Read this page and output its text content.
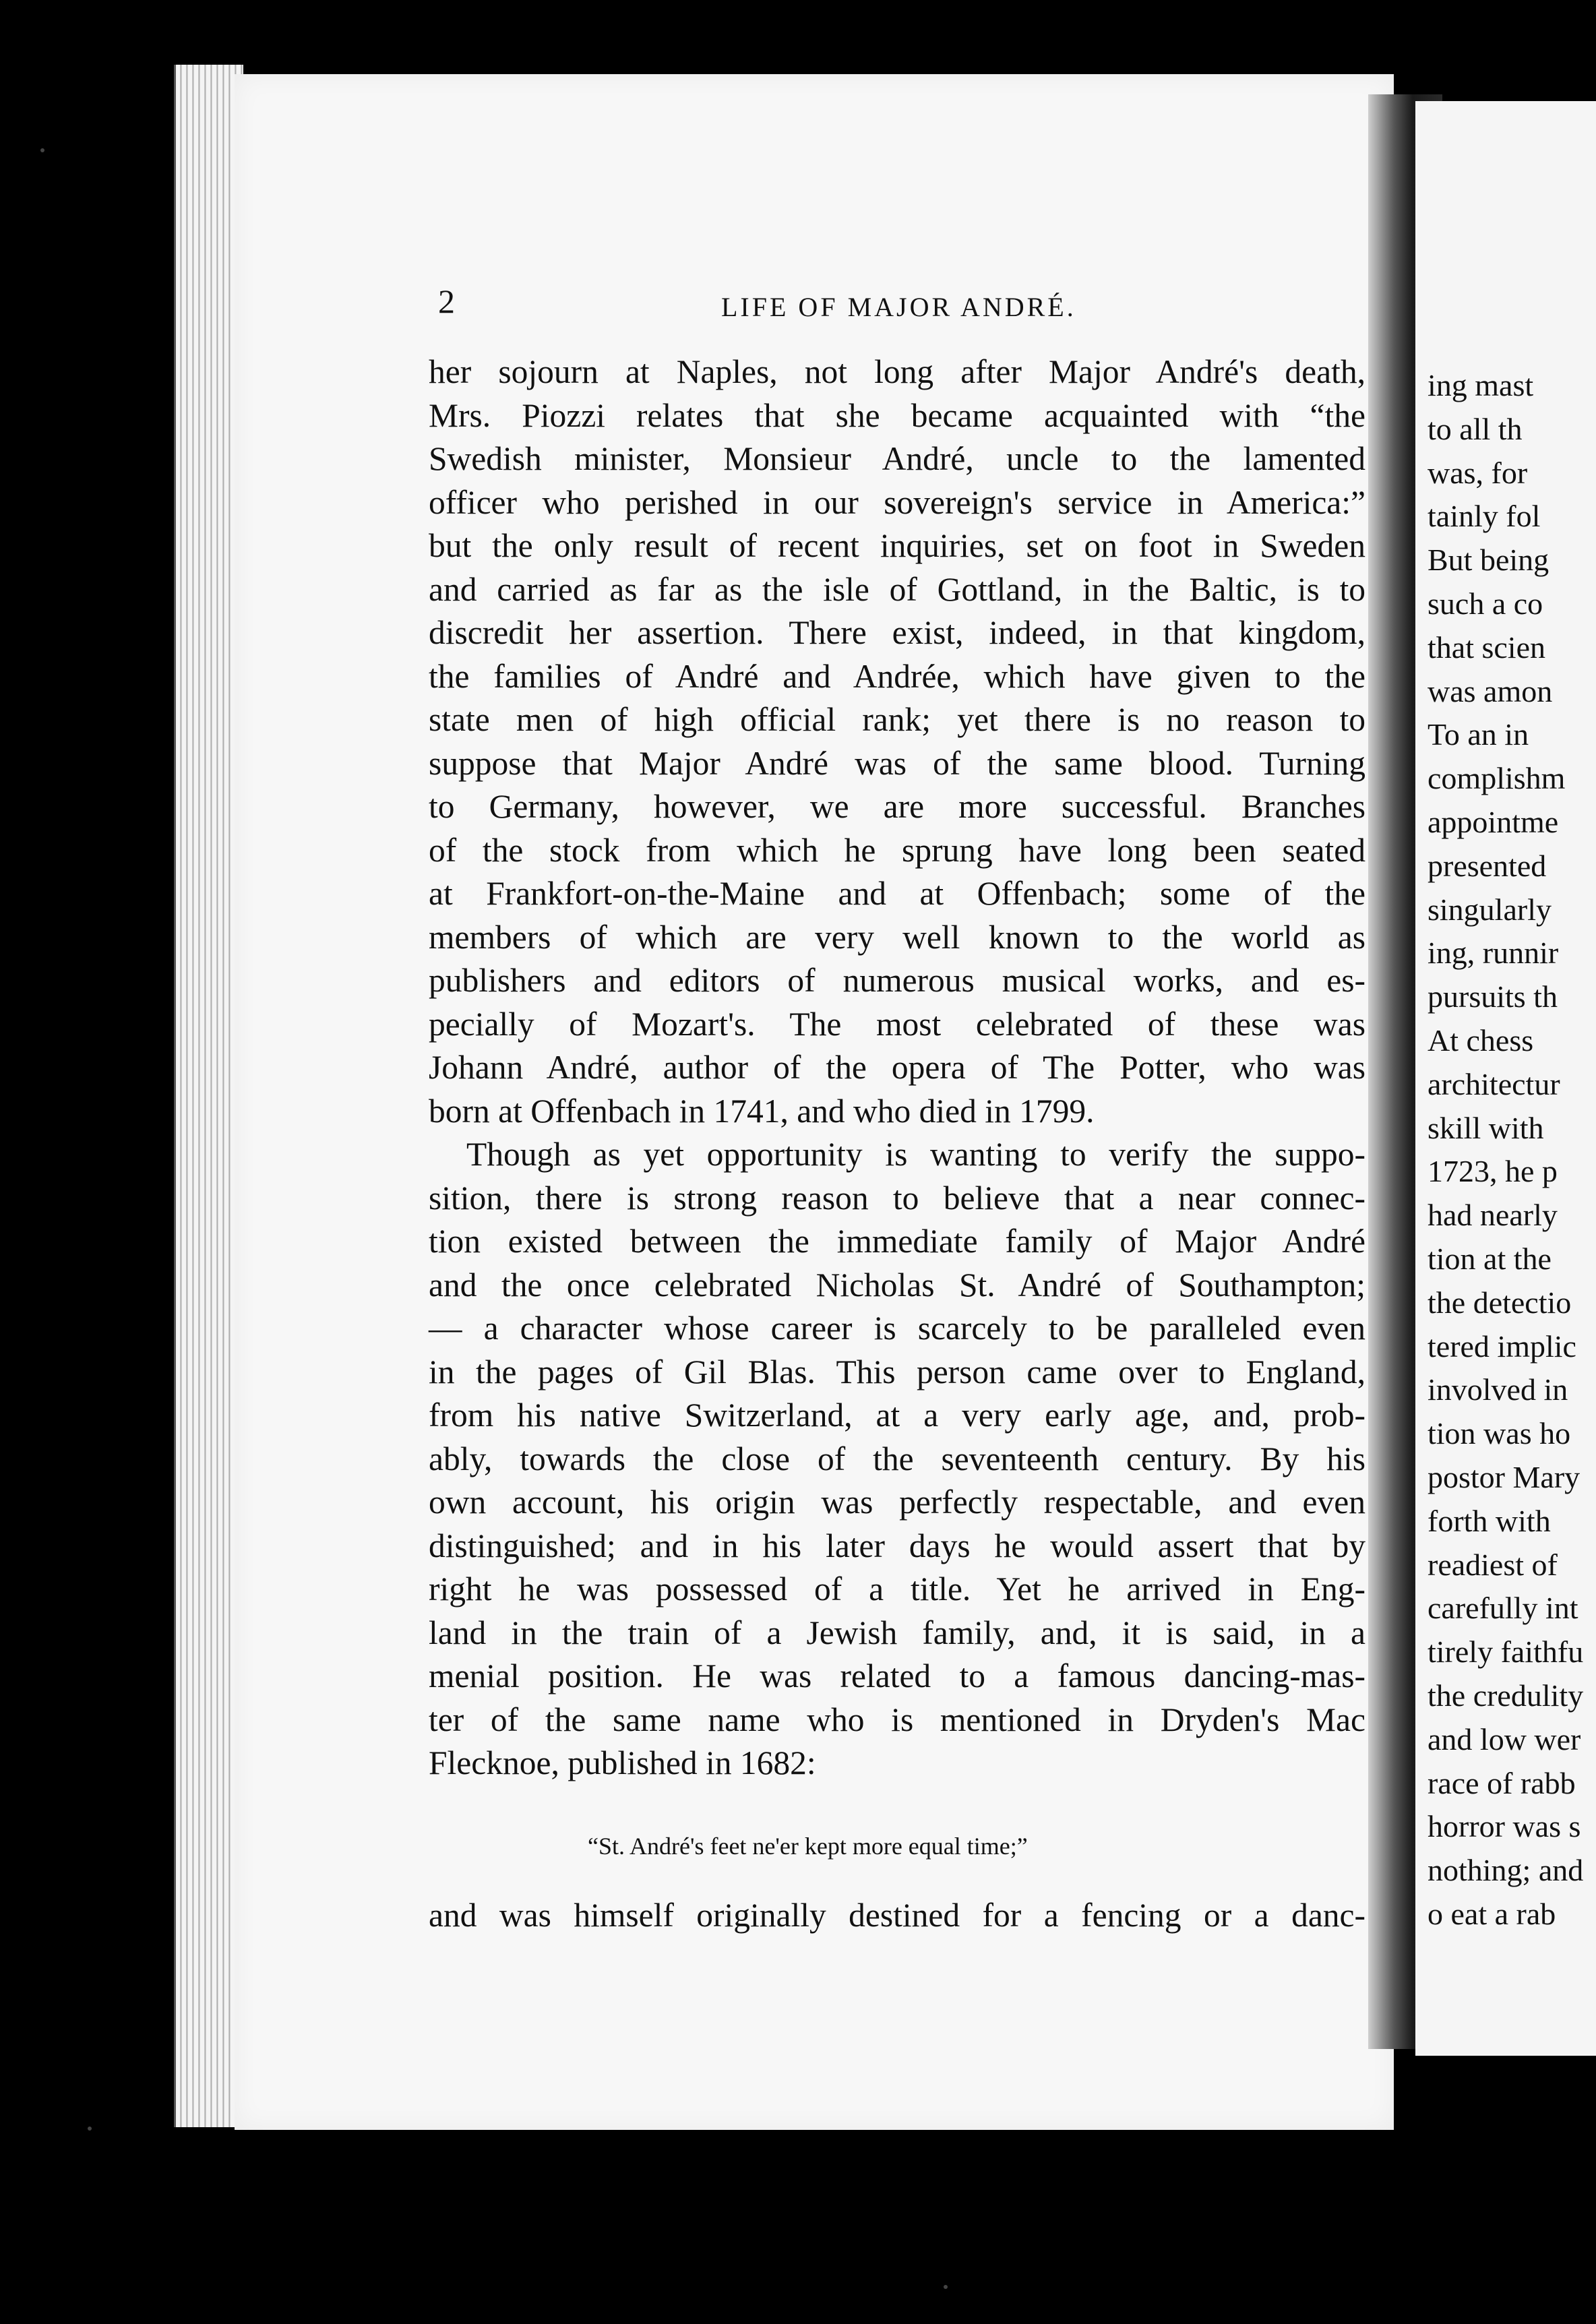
2	LIFE OF MAJOR ANDRÉ.
her sojourn at Naples, not long after Major André's death,
Mrs. Piozzi relates that she became acquainted with “the
Swedish minister, Monsieur André, uncle to the lamented
officer who perished in our sovereign's service in America:”
but the only result of recent inquiries, set on foot in Sweden
and carried as far as the isle of Gottland, in the Baltic, is to
discredit her assertion. There exist, indeed, in that kingdom,
the families of André and Andrée, which have given to the
state men of high official rank; yet there is no reason to
suppose that Major André was of the same blood. Turning
to Germany, however, we are more successful. Branches
of the stock from which he sprung have long been seated
at Frankfort-on-the-Maine and at Offenbach; some of the
members of which are very well known to the world as
publishers and editors of numerous musical works, and es-
pecially of Mozart's. The most celebrated of these was
Johann André, author of the opera of The Potter, who was
born at Offenbach in 1741, and who died in 1799.
Though as yet opportunity is wanting to verify the suppo-
sition, there is strong reason to believe that a near connec-
tion existed between the immediate family of Major André
and the once celebrated Nicholas St. André of Southampton;
— a character whose career is scarcely to be paralleled even
in the pages of Gil Blas. This person came over to England,
from his native Switzerland, at a very early age, and, prob-
ably, towards the close of the seventeenth century. By his
own account, his origin was perfectly respectable, and even
distinguished; and in his later days he would assert that by
right he was possessed of a title. Yet he arrived in Eng-
land in the train of a Jewish family, and, it is said, in a
menial position. He was related to a famous dancing-mas-
ter of the same name who is mentioned in Dryden's Mac
Flecknoe, published in 1682:
“St. André's feet ne'er kept more equal time;”
and was himself originally destined for a fencing or a danc-
ing mast
to all th
was, for
tainly fol
But being
such a co
that scien
was amon
To an in
complishm
appointme
presented
singularly
ing, runnir
pursuits th
At chess
architectur
skill with
1723, he p
had nearly
tion at the
the detectio
tered implic
involved in
tion was ho
postor Mary
forth with
readiest of
carefully int
tirely faithfu
the credulity
and low wer
race of rabb
horror was s
nothing; and
o eat a rab
